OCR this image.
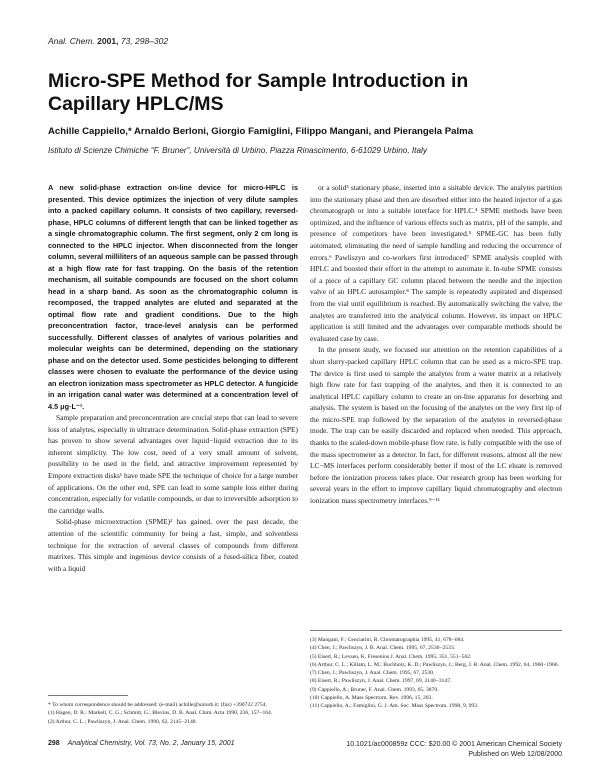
Anal. Chem. 2001, 73, 298–302
Micro-SPE Method for Sample Introduction in Capillary HPLC/MS
Achille Cappiello,* Arnaldo Berloni, Giorgio Famiglini, Filippo Mangani, and Pierangela Palma
Istituto di Scienze Chimiche “F. Bruner”, Università di Urbino, Piazza Rinascimento, 6-61029 Urbino, Italy

A new solid-phase extraction on-line device for micro-HPLC is presented. This device optimizes the injection of very dilute samples into a packed capillary column. It consists of two capillary, reversed-phase, HPLC columns of different length that can be linked together as a single chromatographic column. The first segment, only 2 cm long is connected to the HPLC injector. When disconnected from the longer column, several milliliters of an aqueous sample can be passed through at a high flow rate for fast trapping. On the basis of the retention mechanism, all suitable compounds are focused on the short column head in a sharp band. As soon as the chromatographic column is recomposed, the trapped analytes are eluted and separated at the optimal flow rate and gradient conditions. Due to the high preconcentration factor, trace-level analysis can be performed successfully. Different classes of analytes of various polarities and molecular weights can be determined, depending on the stationary phase and on the detector used. Some pesticides belonging to different classes were chosen to evaluate the performance of the device using an electron ionization mass spectrometer as HPLC detector. A fungicide in an irrigation canal water was determined at a concentration level of 4.5 μg·L⁻¹.

Sample preparation and preconcentration are crucial steps that can lead to severe loss of analytes, especially in ultratrace determination. Solid-phase extraction (SPE) has proven to show several advantages over liquid−liquid extraction due to its inherent simplicity. The low cost, need of a very small amount of solvent, possibility to be used in the field, and attractive improvement represented by Empore extraction disks¹ have made SPE the technique of choice for a large number of applications. On the other end, SPE can lead to some sample loss either during concentration, especially for volatile compounds, or due to irreversible adsorption to the cartridge walls.

Solid-phase microextraction (SPME)² has gained, over the past decade, the attention of the scientific community for being a fast, simple, and solventless technique for the extraction of several classes of compounds from different matrixes. This simple and ingenious device consists of a fused-silica fiber, coated with a liquid

or a solid³ stationary phase, inserted into a suitable device. The analytes partition into the stationary phase and then are desorbed either into the heated injector of a gas chromatograph or into a suitable interface for HPLC.⁴ SPME methods have been optimized, and the influence of various effects such as matrix, pH of the sample, and presence of competitors have been investigated.⁵ SPME-GC has been fully automated, eliminating the need of sample handling and reducing the occurrence of errors.⁶ Pawliszyn and co-workers first introduced⁷ SPME analysis coupled with HPLC and boosted their effort in the attempt to automate it. In-tube SPME consists of a piece of a capillary GC column placed between the needle and the injection valve of an HPLC autosampler.⁸ The sample is repeatedly aspirated and dispensed from the vial until equilibrium is reached. By automatically switching the valve, the analytes are transferred into the analytical column. However, its impact on HPLC application is still limited and the advantages over comparable methods should be evaluated case by case.

In the present study, we focused our attention on the retention capabilities of a short slurry-packed capillary HPLC column that can be used as a micro-SPE trap. The device is first used to sample the analytes from a water matrix at a relatively high flow rate for fast trapping of the analytes, and then it is connected to an analytical HPLC capillary column to create an on-line apparatus for desorbing and analysis. The system is based on the focusing of the analytes on the very first tip of the micro-SPE trap followed by the separation of the analytes in reversed-phase mode. The trap can be easily discarded and replaced when needed. This approach, thanks to the scaled-down mobile-phase flow rate, is fully compatible with the use of the mass spectrometer as a detector. In fact, for different reasons, almost all the new LC−MS interfaces perform considerably better if most of the LC eluate is removed before the ionization process takes place. Our research group has been working for several years in the effort to improve capillary liquid chromatography and electron ionization mass spectrometry interfaces.⁹⁻¹¹

* To whom correspondence should be addressed: (e-mail) achille@uniurb.it; (fax) +390722 2754.
(1) Hagen, D. R.; Markell, C. G.; Schmitt, G.; Blevins, D. B. Anal. Chim. Acta 1990, 236, 157−164.
(2) Arthur, C. L.; Pawliszyn, J. Anal. Chem. 1990, 62, 2145−2148.
(3) Mangani, F.; Cenciarini, R. Chromatographia 1995, 41, 678−684.
(4) Chen, J.; Pawliszyn, J. B. Anal. Chem. 1995, 67, 2530−2533.
(5) Eisert, R.; Levsen, K. Fresenius J. Anal. Chem. 1995, 351, 551−562.
(6) Arthur, C. L.; Killam, L. M.; Buchholz, K. D.; Pawliszyn, J.; Berg, J. R. Anal. Chem. 1992, 64, 1960−1966.
(7) Chen, J.; Pawliszyn, J. Anal. Chem. 1995, 67, 2530.
(8) Eisert, R.; Pawliszyn, J. Anal. Chem. 1997, 69, 3140−3147.
(9) Cappiello, A.; Bruner, F. Anal. Chem. 1993, 65, 3870.
(10) Cappiello, A. Mass Spectrom. Rev. 1996, 15, 283.
(11) Cappiello, A.; Famiglini, G. J. Am. Soc. Mass Spectrom. 1998, 9, 993.
298 Analytical Chemistry, Vol. 73, No. 2, January 15, 2001	10.1021/ac000859z CCC: $20.00 © 2001 American Chemical Society
Published on Web 12/08/2000
